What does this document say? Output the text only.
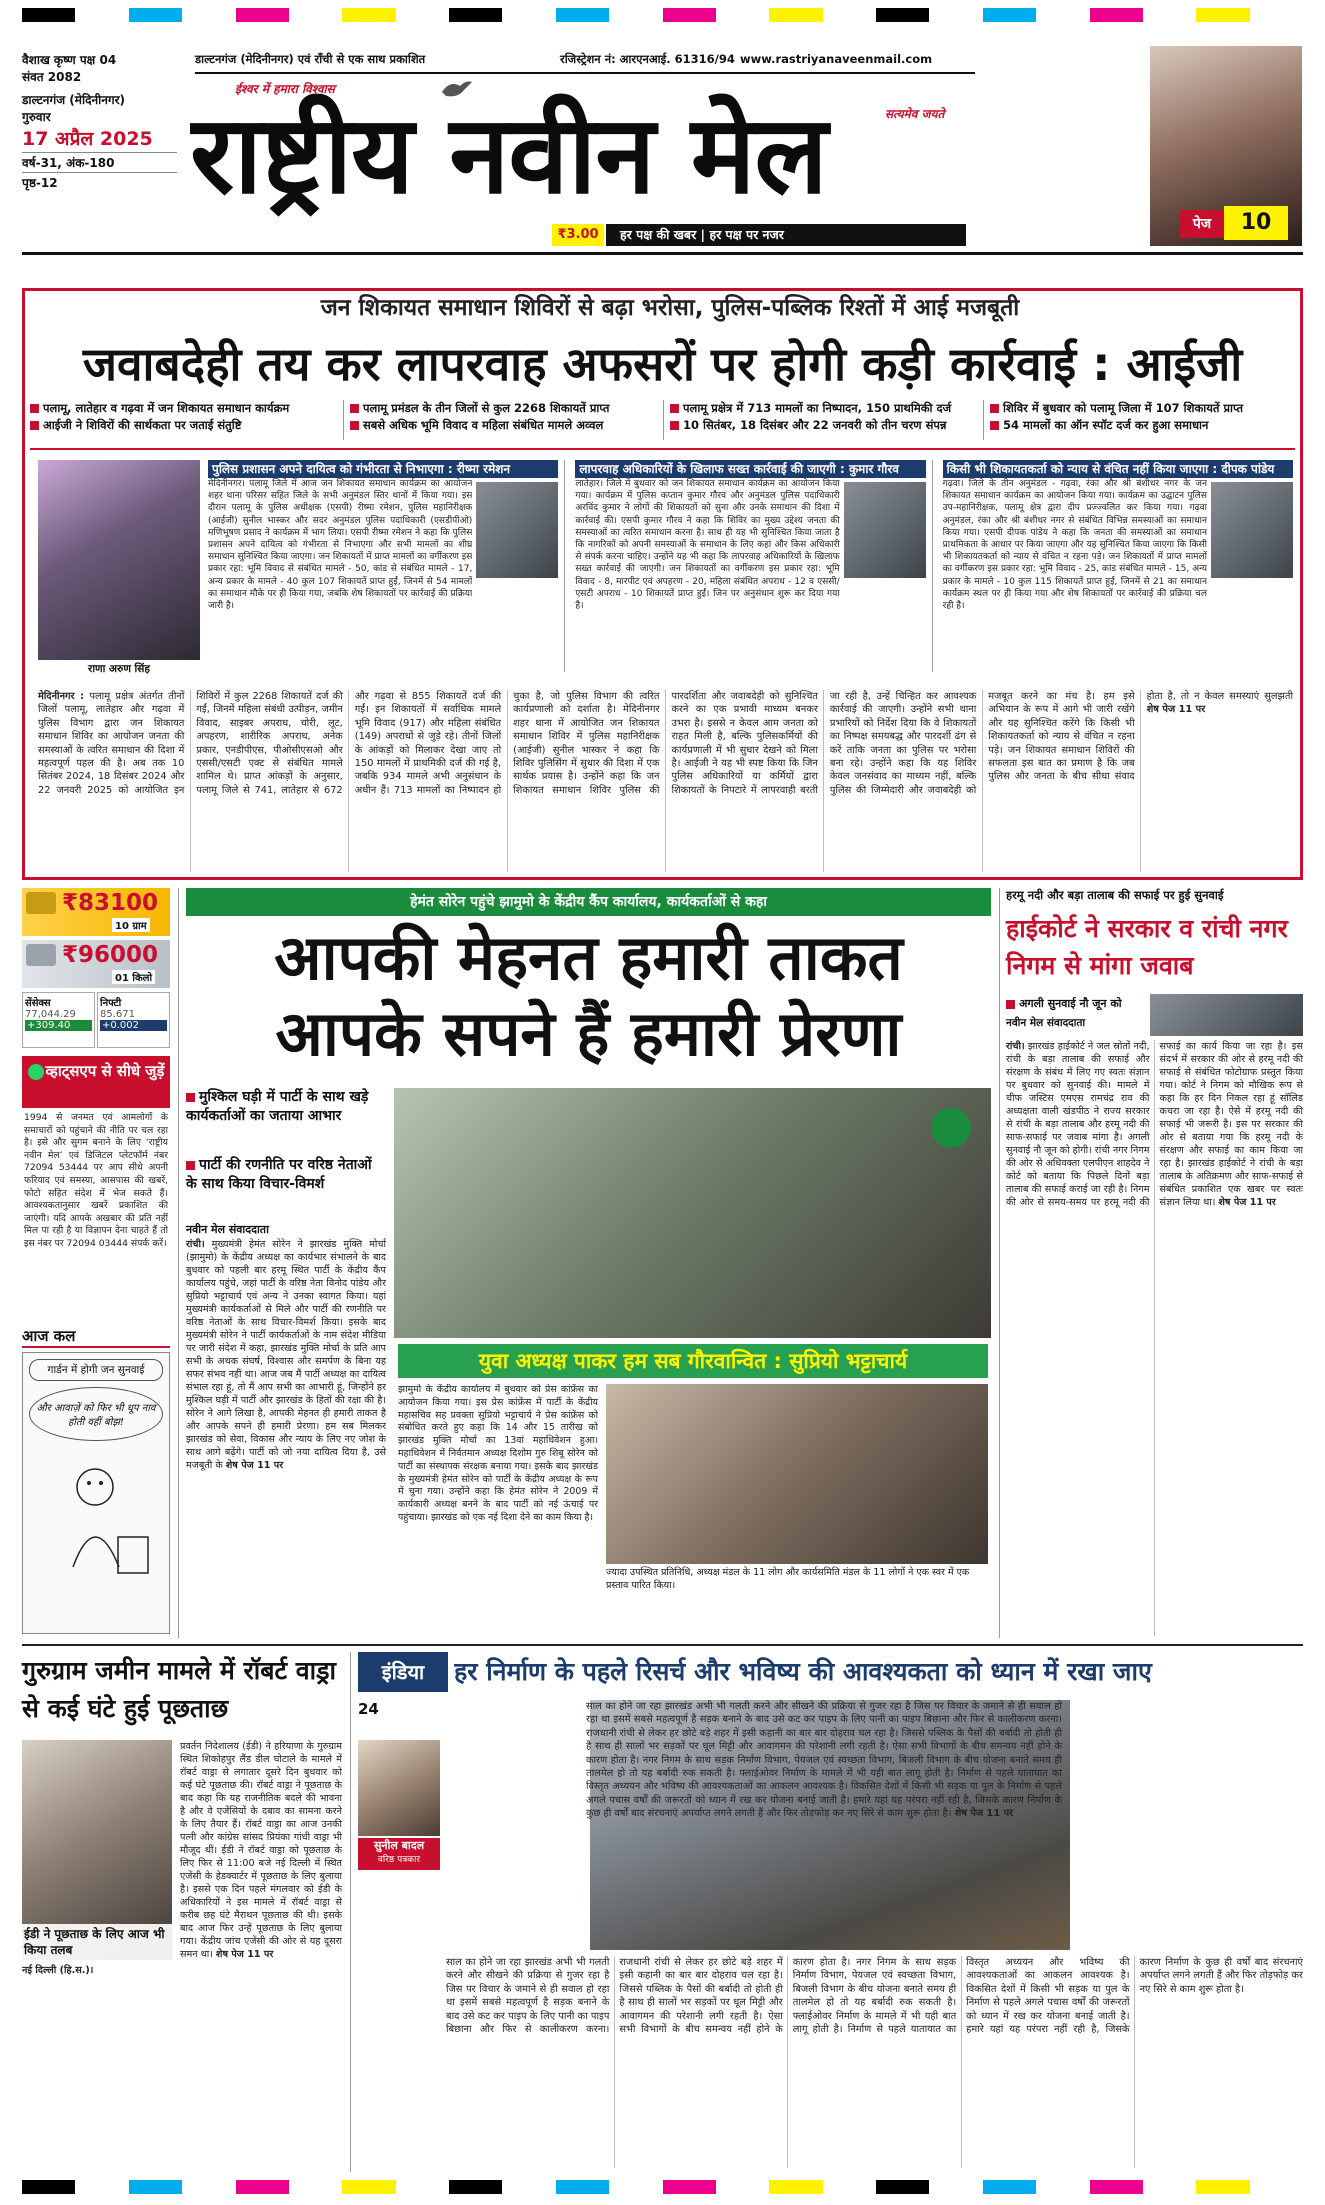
वैशाख कृष्ण पक्ष 04
संवत 2082
डाल्टनगंज (मेदिनीनगर)
गुरुवार
17 अप्रैल 2025
वर्ष-31, अंक-180
पृष्ठ-12
डाल्टनगंज (मेदिनीनगर) एवं राँची से एक साथ प्रकाशित	रजिस्ट्रेशन नं: आरएनआई. 61316/94 www.rastriyanaveenmail.com
ईश्वर में हमारा विश्वास
सत्यमेव जयते
राष्ट्रीय नवीन मेल
₹3.00	हर पक्ष की खबर | हर पक्ष पर नजर
पेज	10
जन शिकायत समाधान शिविरों से बढ़ा भरोसा, पुलिस-पब्लिक रिश्तों में आई मजबूती
जवाबदेही तय कर लापरवाह अफसरों पर होगी कड़ी कार्रवाई : आईजी
पलामू, लातेहार व गढ़वा में जन शिकायत समाधान कार्यक्रम
आईजी ने शिविरों की सार्थकता पर जताई संतुष्टि
पलामू प्रमंडल के तीन जिलों से कुल 2268 शिकायतें प्राप्त
सबसे अधिक भूमि विवाद व महिला संबंधित मामले अव्वल
पलामू प्रक्षेत्र में 713 मामलों का निष्पादन, 150 प्राथमिकी दर्ज
10 सितंबर, 18 दिसंबर और 22 जनवरी को तीन चरण संपन्न
शिविर में बुधवार को पलामू जिला में 107 शिकायतें प्राप्त
54 मामलों का ऑन स्पॉट दर्ज कर हुआ समाधान
राणा अरुण सिंह
पुलिस प्रशासन अपने दायित्व को गंभीरता से निभाएगा : रीष्मा रमेशन
मेदिनीनगर। पलामू जिले में आज जन शिकायत समाधान कार्यक्रम का आयोजन शहर थाना परिसर सहित जिले के सभी अनुमंडल स्तिर थानों में किया गया। इस दौरान पलामू के पुलिस अधीक्षक (एसपी) रीष्मा रमेशन, पुलिस महानिरीक्षक (आईजी) सुनील भास्कर और सदर अनुमंडल पुलिस पदाधिकारी (एसडीपीओ) मणिभूषण प्रसाद ने कार्यक्रम में भाग लिया। एसपी रीष्मा रमेशन ने कहा कि पुलिस प्रशासन अपने दायित्व को गंभीरता से निभाएगा और सभी मामलों का शीघ्र समाधान सुनिश्चित किया जाएगा। जन शिकायतों में प्राप्त मामलों का वर्गीकरण इस प्रकार रहा: भूमि विवाद से संबंधित मामले - 50, कांड से संबंधित मामले - 17, अन्य प्रकार के मामले - 40 कुल 107 शिकायतें प्राप्त हुईं, जिनमें से 54 मामलों का समाधान मौके पर ही किया गया, जबकि शेष शिकायतों पर कार्रवाई की प्रक्रिया जारी है।
लापरवाह अधिकारियों के खिलाफ सख्त कार्रवाई की जाएगी : कुमार गौरव
लातेहार। जिले में बुधवार को जन शिकायत समाधान कार्यक्रम का आयोजन किया गया। कार्यक्रम में पुलिस कप्तान कुमार गौरव और अनुमंडल पुलिस पदाधिकारी अरविंद कुमार ने लोगों की शिकायतों को सुना और उनके समाधान की दिशा में कार्रवाई की। एसपी कुमार गौरव ने कहा कि शिविर का मुख्य उद्देश्य जनता की समस्याओं का त्वरित समाधान करना है। साथ ही यह भी सुनिश्चित किया जाता है कि नागरिकों को अपनी समस्याओं के समाधान के लिए कहां और किस अधिकारी से संपर्क करना चाहिए। उन्होंने यह भी कहा कि लापरवाह अधिकारियों के खिलाफ सख्त कार्रवाई की जाएगी। जन शिकायतों का वर्गीकरण इस प्रकार रहा: भूमि विवाद - 8, मारपीट एवं अपहरण - 20, महिला संबंधित अपराध - 12 व एससी/एसटी अपराध - 10 शिकायतें प्राप्त हुईं। जिन पर अनुसंधान शुरू कर दिया गया है।
किसी भी शिकायतकर्ता को न्याय से वंचित नहीं किया जाएगा : दीपक पांडेय
गढ़वा। जिले के तीन अनुमंडल - गढ़वा, रंका और श्री बंशीधर नगर के जन शिकायत समाधान कार्यक्रम का आयोजन किया गया। कार्यक्रम का उद्घाटन पुलिस उप-महानिरीक्षक, पलामू क्षेत्र द्वारा दीप प्रज्ज्वलित कर किया गया। गढ़वा अनुमंडल, रंका और श्री बंशीधर नगर से संबंधित विभिन्न समस्याओं का समाधान किया गया। एसपी दीपक पांडेय ने कहा कि जनता की समस्याओं का समाधान प्राथमिकता के आधार पर किया जाएगा और यह सुनिश्चित किया जाएगा कि किसी भी शिकायतकर्ता को न्याय से वंचित न रहना पड़े। जन शिकायतों में प्राप्त मामलों का वर्गीकरण इस प्रकार रहा: भूमि विवाद - 25, कांड संबंधित मामले - 15, अन्य प्रकार के मामले - 10 कुल 115 शिकायतें प्राप्त हुईं, जिनमें से 21 का समाधान कार्यक्रम स्थल पर ही किया गया और शेष शिकायतों पर कार्रवाई की प्रक्रिया चल रही है।
मेदिनीनगर : पलामू प्रक्षेत्र अंतर्गत तीनों जिलों पलामू, लातेहार और गढ़वा में पुलिस विभाग द्वारा जन शिकायत समाधान शिविर का आयोजन जनता की समस्याओं के त्वरित समाधान की दिशा में महत्वपूर्ण पहल की है। अब तक 10 सितंबर 2024, 18 दिसंबर 2024 और 22 जनवरी 2025 को आयोजित इन शिविरों में कुल 2268 शिकायतें दर्ज की गईं, जिनमें महिला संबंधी उत्पीड़न, जमीन विवाद, साइबर अपराध, चोरी, लूट, अपहरण, शारीरिक अपराध, अनेक प्रकार, एनडीपीएस, पीओसीएसओ और एससी/एसटी एक्ट से संबंधित मामले शामिल थे। प्राप्त आंकड़ों के अनुसार, पलामू जिले से 741, लातेहार से 672 और गढ़वा से 855 शिकायतें दर्ज की गईं। इन शिकायतों में सर्वाधिक मामले भूमि विवाद (917) और महिला संबंधित (149) अपराधों से जुड़े रहे। तीनों जिलों के आंकड़ों को मिलाकर देखा जाए तो 150 मामलों में प्राथमिकी दर्ज की गई है, जबकि 934 मामले अभी अनुसंधान के अधीन हैं। 713 मामलों का निष्पादन हो चुका है, जो पुलिस विभाग की त्वरित कार्यप्रणाली को दर्शाता है। मेदिनीनगर शहर थाना में आयोजित जन शिकायत समाधान शिविर में पुलिस महानिरीक्षक (आईजी) सुनील भास्कर ने कहा कि शिविर पुलिसिंग में सुधार की दिशा में एक सार्थक प्रयास है। उन्होंने कहा कि जन शिकायत समाधान शिविर पुलिस की पारदर्शिता और जवाबदेही को सुनिश्चित करने का एक प्रभावी माध्यम बनकर उभरा है। इससे न केवल आम जनता को राहत मिली है, बल्कि पुलिसकर्मियों की कार्यप्रणाली में भी सुधार देखने को मिला है। आईजी ने यह भी स्पष्ट किया कि जिन पुलिस अधिकारियों या कर्मियों द्वारा शिकायतों के निपटारे में लापरवाही बरती जा रही है, उन्हें चिन्हित कर आवश्यक कार्रवाई की जाएगी। उन्होंने सभी थाना प्रभारियों को निर्देश दिया कि वे शिकायतों का निष्पक्ष समयबद्ध और पारदर्शी ढंग से करें ताकि जनता का पुलिस पर भरोसा बना रहे। उन्होंने कहा कि यह शिविर केवल जनसंवाद का माध्यम नहीं, बल्कि पुलिस की जिम्मेदारी और जवाबदेही को मजबूत करने का मंच है। हम इसे अभियान के रूप में आगे भी जारी रखेंगे और यह सुनिश्चित करेंगे कि किसी भी शिकायतकर्ता को न्याय से वंचित न रहना पड़े। जन शिकायत समाधान शिविरों की सफलता इस बात का प्रमाण है कि जब पुलिस और जनता के बीच सीधा संवाद होता है, तो न केवल समस्याएं सुलझती शेष पेज 11 पर
₹83100
10 ग्राम
₹96000
01 किलो
सेंसेक्स
77,044.29
+309.40
निफ्टी
85.671
+0.002
व्हाट्सएप से सीधे जुड़ें
1994 से जनमत एवं आमलोगों के समाचारों को पहुंचाने की नीति पर चल रहा है। इसे और सुगम बनाने के लिए ‘राष्ट्रीय नवीन मेल’ एवं डिजिटल प्लेटफॉर्म नंबर 72094 53444 पर आप सीधे अपनी फरियाद एवं समस्या, आसपास की खबरें, फोटो सहित संदेश में भेज सकते हैं। आवश्यकतानुसार खबरें प्रकाशित की जाएंगी। यदि आपके अखबार की प्रति नहीं मिल पा रही है या विज्ञापन देना चाहते हैं तो इस नंबर पर 72094 03444 संपर्क करें।
आज कल
गार्डन में होगी जन सुनवाई
और आवाज़ें को फिर भी धूप नाव होती वहीं बोझ!
हेमंत सोरेन पहुंचे झामुमो के केंद्रीय कैंप कार्यालय, कार्यकर्ताओं से कहा
आपकी मेहनत हमारी ताकत
आपके सपने हैं हमारी प्रेरणा
मुश्किल घड़ी में पार्टी के साथ खड़े कार्यकर्ताओं का जताया आभार
पार्टी की रणनीति पर वरिष्ठ नेताओं के साथ किया विचार-विमर्श
नवीन मेल संवाददाता
रांची। मुख्यमंत्री हेमंत सोरेन ने झारखंड मुक्ति मोर्चा (झामुमो) के केंद्रीय अध्यक्ष का कार्यभार संभालने के बाद बुधवार को पहली बार हरमू स्थित पार्टी के केंद्रीय कैंप कार्यालय पहुंचे, जहां पार्टी के वरिष्ठ नेता विनोद पांडेय और सुप्रियो भट्टाचार्य एवं अन्य ने उनका स्वागत किया। यहां मुख्यमंत्री कार्यकर्ताओं से मिले और पार्टी की रणनीति पर वरिष्ठ नेताओं के साथ विचार-विमर्श किया। इसके बाद मुख्यमंत्री सोरेन ने पार्टी कार्यकर्ताओं के नाम संदेश मीडिया पर जारी संदेश में कहा, झारखंड मुक्ति मोर्चा के प्रति आप सभी के अथक संघर्ष, विश्वास और समर्पण के बिना यह सफर संभव नहीं था। आज जब मैं पार्टी अध्यक्ष का दायित्व संभाल रहा हूं, तो मैं आप सभी का आभारी हूं, जिन्होंने हर मुश्किल घड़ी में पार्टी और झारखंड के हितों की रक्षा की है। सोरेन ने आगे लिखा है, आपकी मेहनत ही हमारी ताकत है और आपके सपने ही हमारी प्रेरणा। हम सब मिलकर झारखंड को सेवा, विकास और न्याय के लिए नए जोश के साथ आगे बढ़ेंगे। पार्टी को जो नया दायित्व दिया है, उसे मजबूती के शेष पेज 11 पर
युवा अध्यक्ष पाकर हम सब गौरवान्वित : सुप्रियो भट्टाचार्य
झामुमो के केंद्रीय कार्यालय में बुधवार को प्रेस कांफ्रेंस का आयोजन किया गया। इस प्रेस कांफ्रेंस में पार्टी के केंद्रीय महासचिव सह प्रवक्ता सुप्रियो भट्टाचार्य ने प्रेस कांफ्रेंस को संबोधित करते हुए कहा कि 14 और 15 तारीख को झारखंड मुक्ति मोर्चा का 13वां महाधिवेशन हुआ। महाधिवेशन में निर्वतमान अध्यक्ष दिशोम गुरु शिबू सोरेन को पार्टी का संस्थापक संरक्षक बनाया गया। इसके बाद झारखंड के मुख्यमंत्री हेमंत सोरेन को पार्टी के केंद्रीय अध्यक्ष के रूप में चुना गया। उन्होंने कहा कि हेमंत सोरेन ने 2009 में कार्यकारी अध्यक्ष बनने के बाद पार्टी को नई ऊंचाई पर पहुंचाया। झारखंड को एक नई दिशा देने का काम किया है।
ज्यादा उपस्थित प्रतिनिधि, अध्यक्ष मंडल के 11 लोग और कार्यसमिति मंडल के 11 लोगों ने एक स्वर में एक प्रस्ताव पारित किया।
हरमू नदी और बड़ा तालाब की सफाई पर हुई सुनवाई
हाईकोर्ट ने सरकार व रांची नगर निगम से मांगा जवाब
अगली सुनवाई नौ जून को
नवीन मेल संवाददाता
रांची। झारखंड हाईकोर्ट ने जल स्रोतों नदी, रांची के बड़ा तालाब की सफाई और संरक्षण के संबंध में लिए गए स्वतः संज्ञान पर बुधवार को सुनवाई की। मामले में चीफ जस्टिस एमएस रामचंद्र राव की अध्यक्षता वाली खंडपीठ ने राज्य सरकार से रांची के बड़ा तालाब और हरमू नदी की साफ-सफाई पर जवाब मांगा है। अगली सुनवाई नौ जून को होगी। रांची नगर निगम की ओर से अधिवक्ता एलपीएन शाहदेव ने कोर्ट को बताया कि पिछले दिनों बड़ा तालाब की सफाई कराई जा रही है। निगम की ओर से समय-समय पर हरमू नदी की सफाई का कार्य किया जा रहा है। इस संदर्भ में सरकार की ओर से हरमू नदी की सफाई से संबंधित फोटोग्राफ प्रस्तुत किया गया। कोर्ट ने निगम को मौखिक रूप से कहा कि हर दिन निकल रहा हूं सॉलिड कचरा जा रहा है। ऐसे में हरमू नदी की सफाई भी जरूरी है। इस पर सरकार की ओर से बताया गया कि हरमू नदी के संरक्षण और सफाई का काम किया जा रहा है। झारखंड हाईकोर्ट ने रांची के बड़ा तालाब के अतिक्रमण और साफ-सफाई से संबंधित प्रकाशित एक खबर पर स्वतः संज्ञान लिया था। शेष पेज 11 पर
गुरुग्राम जमीन मामले में रॉबर्ट वाड्रा से कई घंटे हुई पूछताछ
ईडी ने पूछताछ के लिए आज भी किया तलब
नई दिल्ली (हि.स.)।
प्रवर्तन निदेशालय (ईडी) ने हरियाणा के गुरुग्राम स्थित शिकोहपुर लैंड डील घोटाले के मामले में रॉबर्ट वाड्रा से लगातार दूसरे दिन बुधवार को कई घंटे पूछताछ की। रॉबर्ट वाड्रा ने पूछताछ के बाद कहा कि यह राजनीतिक बदले की भावना है और वे एजेंसियों के दबाव का सामना करने के लिए तैयार हैं। रॉबर्ट वाड्रा का आज उनकी पत्नी और कांग्रेस सांसद प्रियंका गांधी वाड्रा भी मौजूद थीं। ईडी ने रॉबर्ट वाड्रा को पूछताछ के लिए फिर से 11:00 बजे नई दिल्ली में स्थित एजेंसी के हेडक्वार्टर में पूछताछ के लिए बुलाया है। इससे एक दिन पहले मंगलवार को ईडी के अधिकारियों ने इस मामले में रॉबर्ट वाड्रा से करीब छह घंटे मैराथन पूछताछ की थी। इसके बाद आज फिर उन्हें पूछताछ के लिए बुलाया गया। केंद्रीय जांच एजेंसी की ओर से यह दूसरा समन था। शेष पेज 11 पर
इंडिया	हर निर्माण के पहले रिसर्च और भविष्य की आवश्यकता को ध्यान में रखा जाए
24
सुनील बादल
वरिष्ठ पत्रकार
साल का होने जा रहा झारखंड अभी भी गलती करने और सीखने की प्रक्रिया से गुजर रहा है जिस पर विचार के जमाने से ही सवाल हो रहा था इसमें सबसे महत्वपूर्ण है सड़क बनाने के बाद उसे कट कर पाइप के लिए पानी का पाइप बिछाना और फिर से कालीकरण करना। राजधानी रांची से लेकर हर छोटे बड़े शहर में इसी कहानी का बार बार दोहराव चल रहा है। जिससे पब्लिक के पैसों की बर्बादी तो होती ही है साथ ही सालों भर सड़कों पर धूल मिट्टी और आवागमन की परेशानी लगी रहती है। ऐसा सभी विभागों के बीच समन्वय नहीं होने के कारण होता है। नगर निगम के साथ सड़क निर्माण विभाग, पेयजल एवं स्वच्छता विभाग, बिजली विभाग के बीच योजना बनाते समय ही तालमेल हो तो यह बर्बादी रुक सकती है। फ्लाईओवर निर्माण के मामले में भी यही बात लागू होती है। निर्माण से पहले यातायात का विस्तृत अध्ययन और भविष्य की आवश्यकताओं का आकलन आवश्यक है। विकसित देशों में किसी भी सड़क या पुल के निर्माण से पहले अगले पचास वर्षों की जरूरतों को ध्यान में रख कर योजना बनाई जाती है। हमारे यहां यह परंपरा नहीं रही है, जिसके कारण निर्माण के कुछ ही वर्षों बाद संरचनाएं अपर्याप्त लगने लगती हैं और फिर तोड़फोड़ कर नए सिरे से काम शुरू होता है। शेष पेज 11 पर
साल का होने जा रहा झारखंड अभी भी गलती करने और सीखने की प्रक्रिया से गुजर रहा है जिस पर विचार के जमाने से ही सवाल हो रहा था इसमें सबसे महत्वपूर्ण है सड़क बनाने के बाद उसे कट कर पाइप के लिए पानी का पाइप बिछाना और फिर से कालीकरण करना। राजधानी रांची से लेकर हर छोटे बड़े शहर में इसी कहानी का बार बार दोहराव चल रहा है। जिससे पब्लिक के पैसों की बर्बादी तो होती ही है साथ ही सालों भर सड़कों पर धूल मिट्टी और आवागमन की परेशानी लगी रहती है। ऐसा सभी विभागों के बीच समन्वय नहीं होने के कारण होता है। नगर निगम के साथ सड़क निर्माण विभाग, पेयजल एवं स्वच्छता विभाग, बिजली विभाग के बीच योजना बनाते समय ही तालमेल हो तो यह बर्बादी रुक सकती है। फ्लाईओवर निर्माण के मामले में भी यही बात लागू होती है। निर्माण से पहले यातायात का विस्तृत अध्ययन और भविष्य की आवश्यकताओं का आकलन आवश्यक है। विकसित देशों में किसी भी सड़क या पुल के निर्माण से पहले अगले पचास वर्षों की जरूरतों को ध्यान में रख कर योजना बनाई जाती है। हमारे यहां यह परंपरा नहीं रही है, जिसके कारण निर्माण के कुछ ही वर्षों बाद संरचनाएं अपर्याप्त लगने लगती हैं और फिर तोड़फोड़ कर नए सिरे से काम शुरू होता है।
